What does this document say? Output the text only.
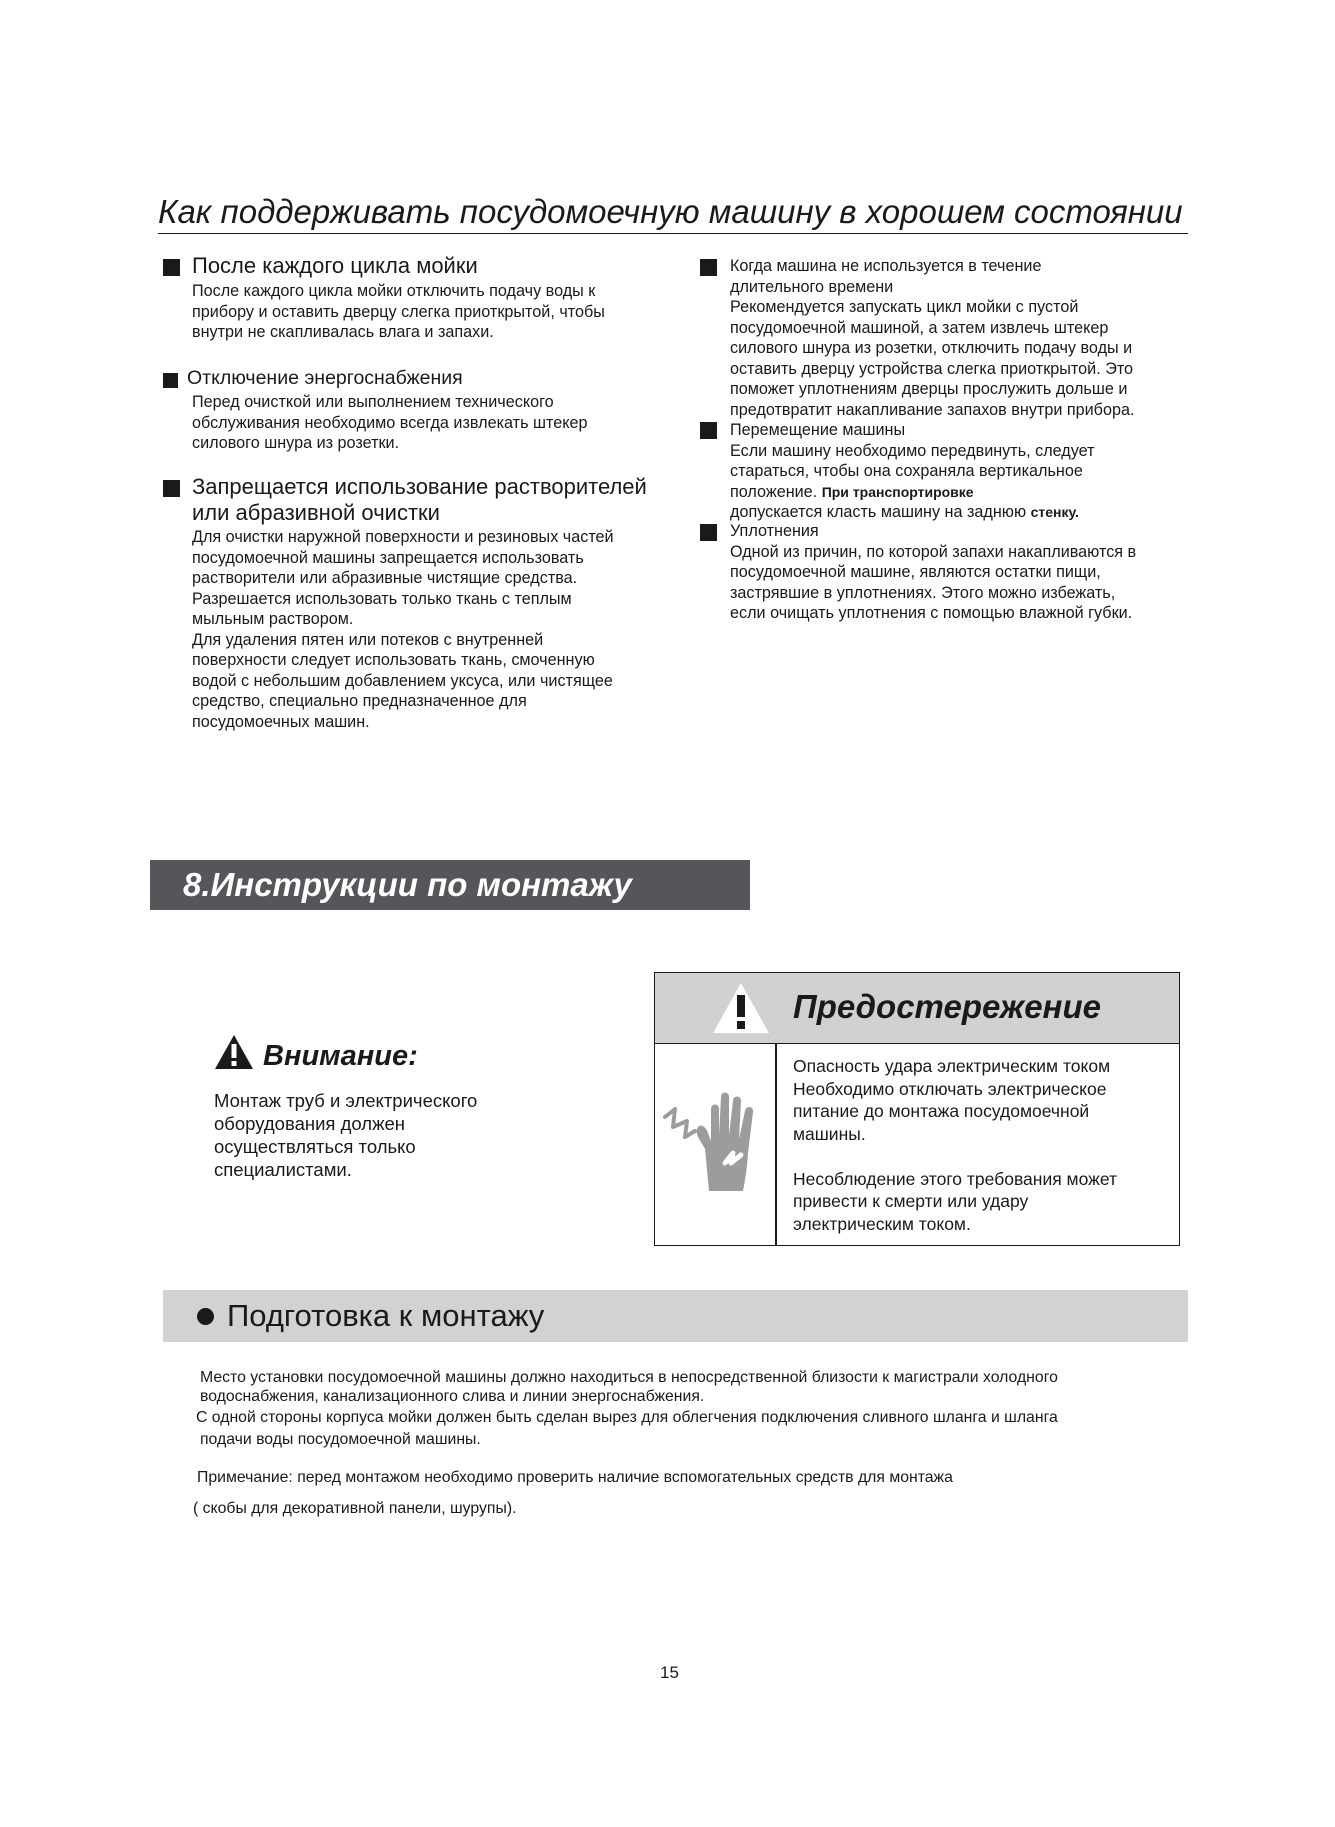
Как поддерживать посудомоечную машину в хорошем состоянии
После каждого цикла мойки
После каждого цикла мойки отключить подачу воды к
прибору и оставить дверцу слегка приоткрытой, чтобы
внутри не скапливалась влага и запахи.
Отключение энергоснабжения
Перед очисткой или выполнением технического
обслуживания необходимо всегда извлекать штекер
силового шнура из розетки.
Запрещается использование растворителей
или абразивной очистки
Для очистки наружной поверхности и резиновых частей
посудомоечной машины запрещается использовать
растворители или абразивные чистящие средства.
Разрешается использовать только ткань с теплым
мыльным раствором.
Для удаления пятен или потеков с внутренней
поверхности следует использовать ткань, смоченную
водой с небольшим добавлением уксуса, или чистящее
средство, специально предназначенное для
посудомоечных машин.
Когда машина не используется в течение
длительного времени
Рекомендуется запускать цикл мойки с пустой
посудомоечной машиной, а затем извлечь штекер
силового шнура из розетки, отключить подачу воды и
оставить дверцу устройства слегка приоткрытой. Это
поможет уплотнениям дверцы прослужить дольше и
предотвратит накапливание запахов внутри прибора.
Перемещение машины
Если машину необходимо передвинуть, следует
стараться, чтобы она сохраняла вертикальное
положение. При транспортировке
допускается класть машину на заднюю стенку.
Уплотнения
Одной из причин, по которой запахи накапливаются в
посудомоечной машине, являются остатки пищи,
застрявшие в уплотнениях. Этого можно избежать,
если очищать уплотнения с помощью влажной губки.
8.Инструкции по монтажу
Внимание:
Монтаж труб и электрического
оборудования должен
осуществляться только
специалистами.
Предостережение
Опасность удара электрическим током
Необходимо отключать электрическое
питание до монтажа посудомоечной
машины.
Несоблюдение этого требования может
привести к смерти или удару
электрическим током.
Подготовка к монтажу
Место установки посудомоечной машины должно находиться в непосредственной близости к магистрали холодного
водоснабжения, канализационного слива и линии энергоснабжения.
С одной стороны корпуса мойки должен быть сделан вырез для облегчения подключения сливного шланга и шланга
подачи воды посудомоечной машины.
Примечание: перед монтажом необходимо проверить наличие вспомогательных средств для монтажа
( скобы для декоративной панели, шурупы).
15
